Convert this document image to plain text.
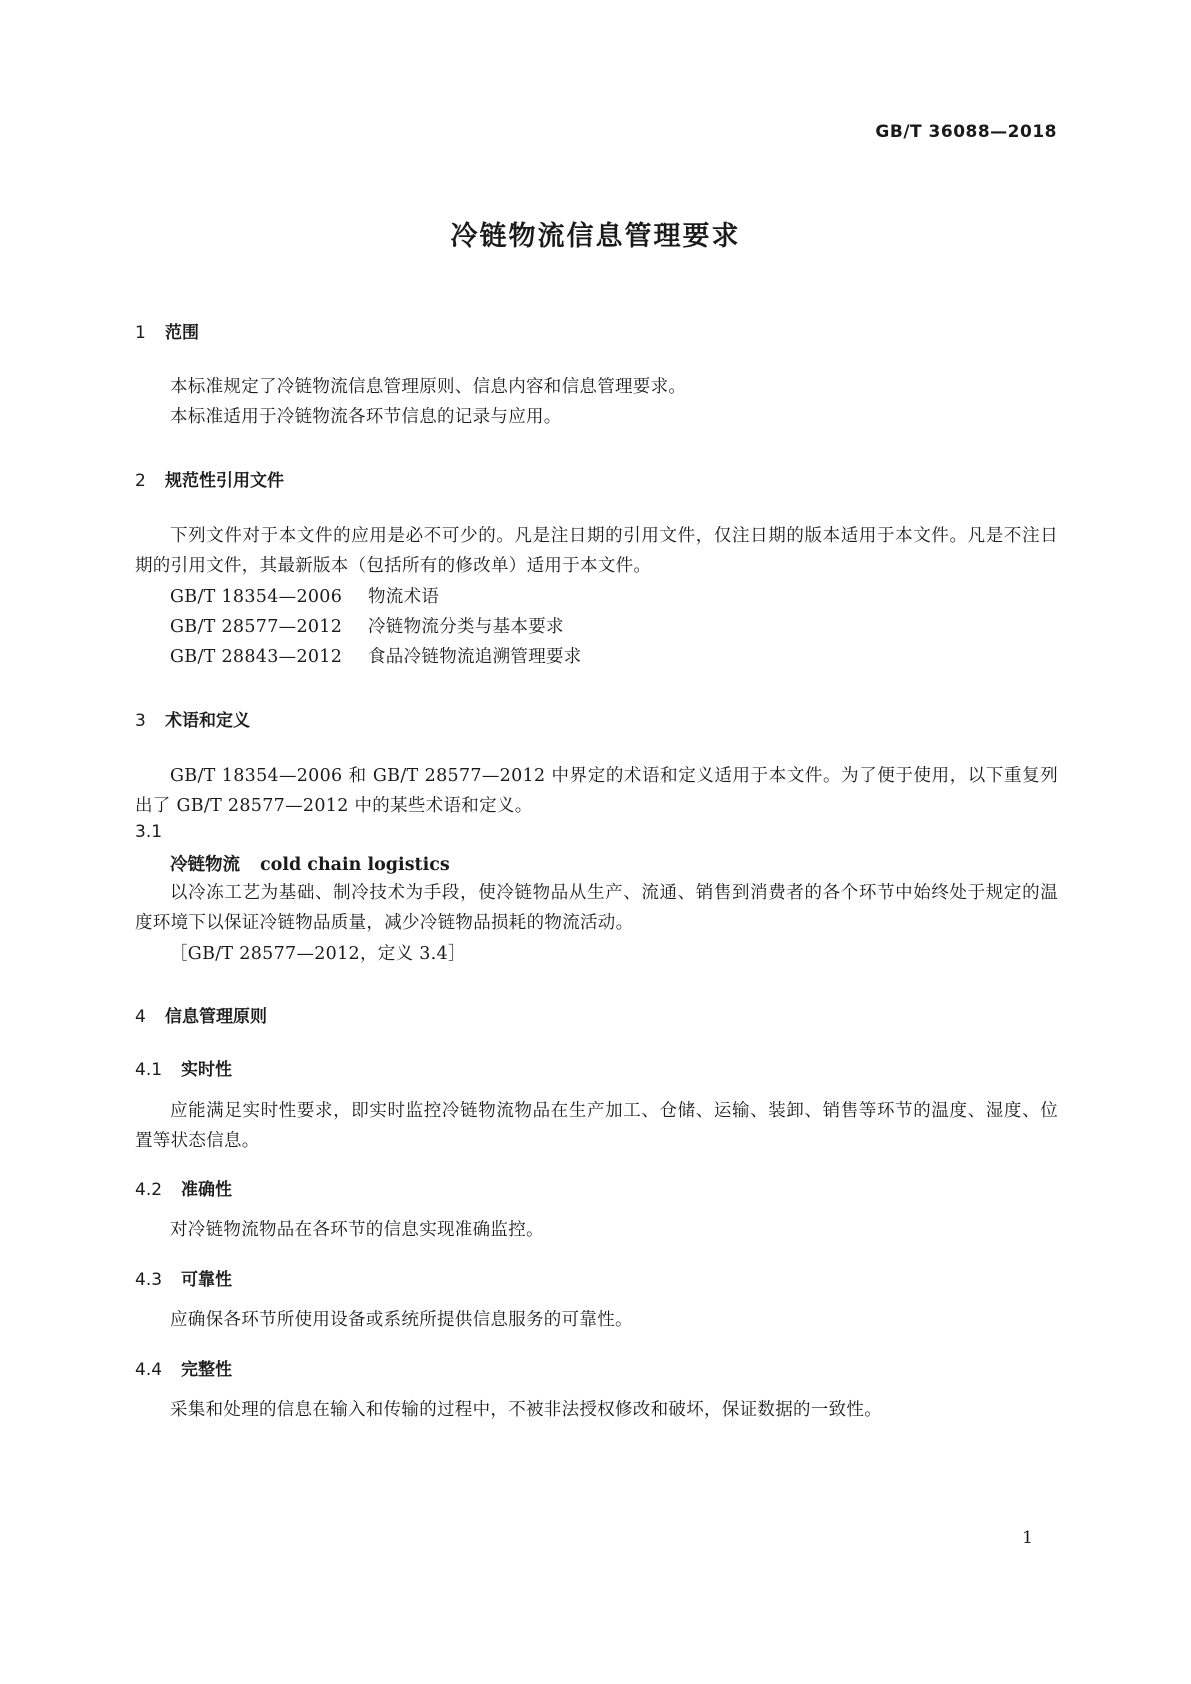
GB/T 36088—2018
冷链物流信息管理要求
1 范围
本标准规定了冷链物流信息管理原则、信息内容和信息管理要求。
本标准适用于冷链物流各环节信息的记录与应用。
2 规范性引用文件
下列文件对于本文件的应用是必不可少的。凡是注日期的引用文件，仅注日期的版本适用于本文件。凡是不注日期的引用文件，其最新版本（包括所有的修改单）适用于本文件。
GB/T 18354—2006 物流术语
GB/T 28577—2012 冷链物流分类与基本要求
GB/T 28843—2012 食品冷链物流追溯管理要求
3 术语和定义
GB/T 18354—2006 和 GB/T 28577—2012 中界定的术语和定义适用于本文件。为了便于使用，以下重复列出了 GB/T 28577—2012 中的某些术语和定义。
3.1
冷链物流 cold chain logistics
以冷冻工艺为基础、制冷技术为手段，使冷链物品从生产、流通、销售到消费者的各个环节中始终处于规定的温度环境下以保证冷链物品质量，减少冷链物品损耗的物流活动。
［GB/T 28577—2012，定义 3.4］
4 信息管理原则
4.1 实时性
应能满足实时性要求，即实时监控冷链物流物品在生产加工、仓储、运输、装卸、销售等环节的温度、湿度、位置等状态信息。
4.2 准确性
对冷链物流物品在各环节的信息实现准确监控。
4.3 可靠性
应确保各环节所使用设备或系统所提供信息服务的可靠性。
4.4 完整性
采集和处理的信息在输入和传输的过程中，不被非法授权修改和破坏，保证数据的一致性。
1
